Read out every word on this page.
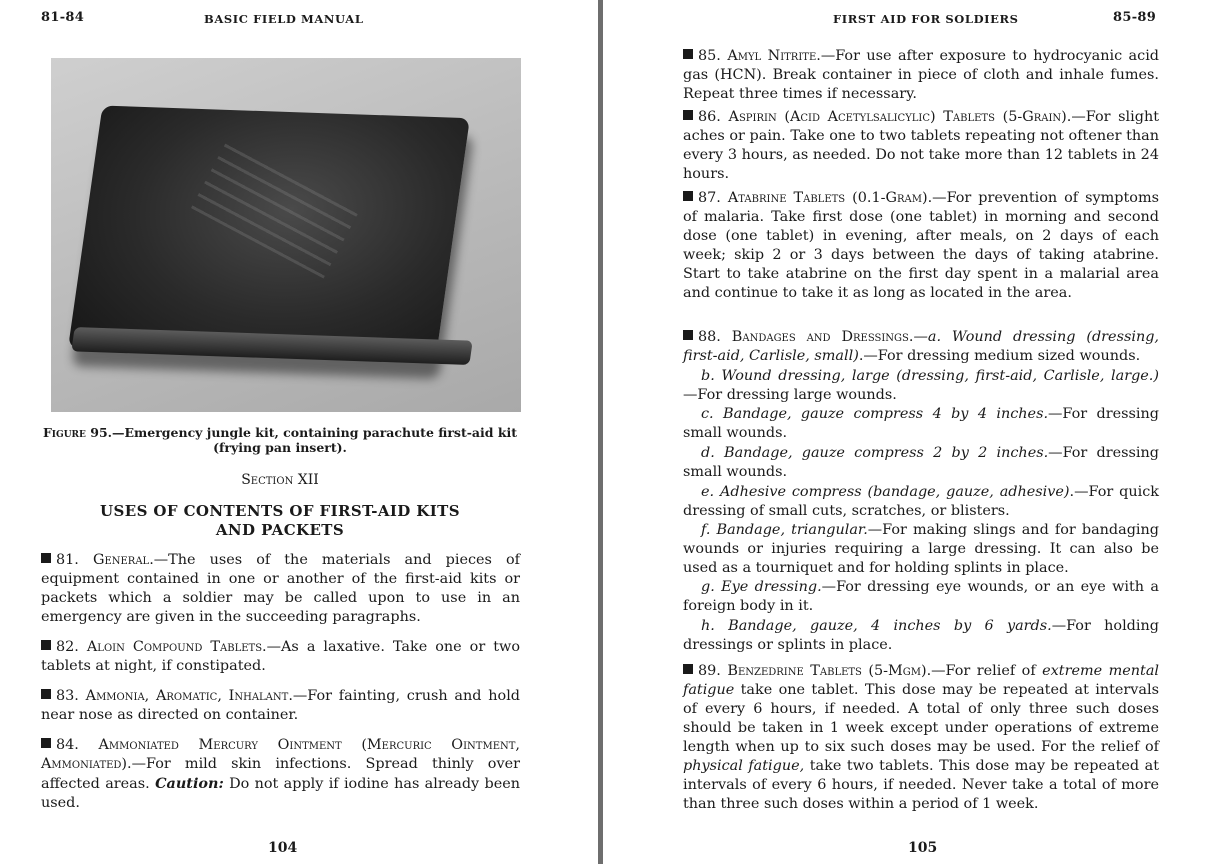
81-84	BASIC FIELD MANUAL
Figure 95.—Emergency jungle kit, containing parachute first-aid kit (frying pan insert).
Section XII
USES OF CONTENTS OF FIRST-AID KITS
AND PACKETS
81. General.—The uses of the materials and pieces of equipment contained in one or another of the first-aid kits or packets which a soldier may be called upon to use in an emergency are given in the succeeding paragraphs.
82. Aloin Compound Tablets.—As a laxative. Take one or two tablets at night, if constipated.
83. Ammonia, Aromatic, Inhalant.—For fainting, crush and hold near nose as directed on container.
84. Ammoniated Mercury Ointment (Mercuric Ointment, Ammoniated).—For mild skin infections. Spread thinly over affected areas. Caution: Do not apply if iodine has already been used.
104
FIRST AID FOR SOLDIERS	85-89
85. Amyl Nitrite.—For use after exposure to hydrocyanic acid gas (HCN). Break container in piece of cloth and inhale fumes. Repeat three times if necessary.
86. Aspirin (Acid Acetylsalicylic) Tablets (5-Grain).—For slight aches or pain. Take one to two tablets repeating not oftener than every 3 hours, as needed. Do not take more than 12 tablets in 24 hours.
87. Atabrine Tablets (0.1-Gram).—For prevention of symptoms of malaria. Take first dose (one tablet) in morning and second dose (one tablet) in evening, after meals, on 2 days of each week; skip 2 or 3 days between the days of taking atabrine. Start to take atabrine on the first day spent in a malarial area and continue to take it as long as located in the area.
88. Bandages and Dressings.—a. Wound dressing (dressing, first-aid, Carlisle, small).—For dressing medium sized wounds.
b. Wound dressing, large (dressing, first-aid, Carlisle, large.)—For dressing large wounds.
c. Bandage, gauze compress 4 by 4 inches.—For dressing small wounds.
d. Bandage, gauze compress 2 by 2 inches.—For dressing small wounds.
e. Adhesive compress (bandage, gauze, adhesive).—For quick dressing of small cuts, scratches, or blisters.
f. Bandage, triangular.—For making slings and for bandaging wounds or injuries requiring a large dressing. It can also be used as a tourniquet and for holding splints in place.
g. Eye dressing.—For dressing eye wounds, or an eye with a foreign body in it.
h. Bandage, gauze, 4 inches by 6 yards.—For holding dressings or splints in place.
89. Benzedrine Tablets (5-Mgm).—For relief of extreme mental fatigue take one tablet. This dose may be repeated at intervals of every 6 hours, if needed. A total of only three such doses should be taken in 1 week except under operations of extreme length when up to six such doses may be used. For the relief of physical fatigue, take two tablets. This dose may be repeated at intervals of every 6 hours, if needed. Never take a total of more than three such doses within a period of 1 week.
105
